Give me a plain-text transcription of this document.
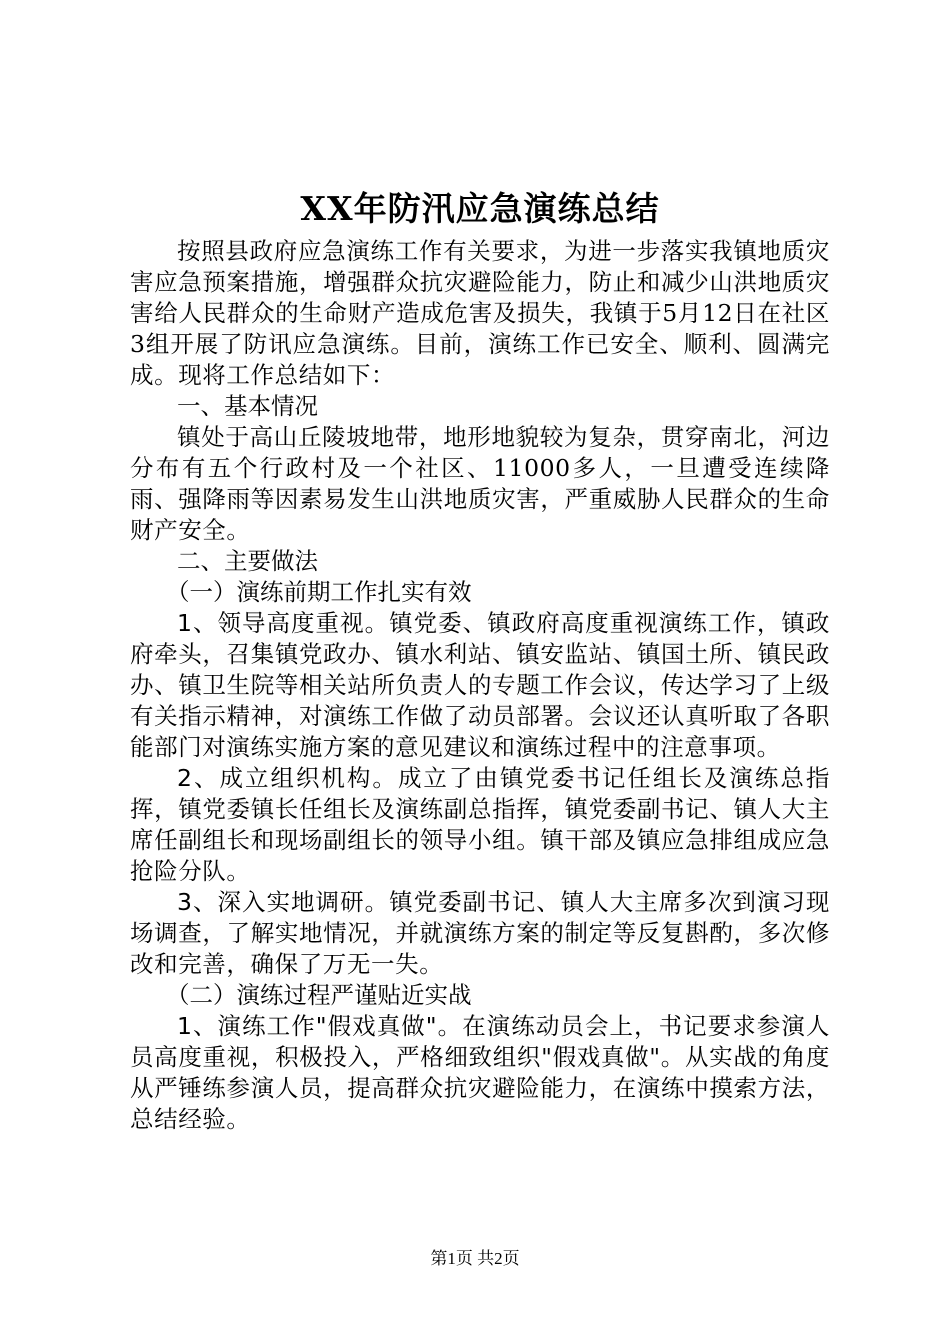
XX年防汛应急演练总结

按照县政府应急演练工作有关要求，为进一步落实我镇地质灾害应急预案措施，增强群众抗灾避险能力，防止和减少山洪地质灾害给人民群众的生命财产造成危害及损失，我镇于5月12日在社区3组开展了防讯应急演练。目前，演练工作已安全、顺利、圆满完成。现将工作总结如下：

一、基本情况

镇处于高山丘陵坡地带，地形地貌较为复杂，贯穿南北，河边分布有五个行政村及一个社区、11000多人，一旦遭受连续降雨、强降雨等因素易发生山洪地质灾害，严重威胁人民群众的生命财产安全。

二、主要做法

（一）演练前期工作扎实有效

1、领导高度重视。镇党委、镇政府高度重视演练工作，镇政府牵头，召集镇党政办、镇水利站、镇安监站、镇国土所、镇民政办、镇卫生院等相关站所负责人的专题工作会议，传达学习了上级有关指示精神，对演练工作做了动员部署。会议还认真听取了各职能部门对演练实施方案的意见建议和演练过程中的注意事项。

2、成立组织机构。成立了由镇党委书记任组长及演练总指挥，镇党委镇长任组长及演练副总指挥，镇党委副书记、镇人大主席任副组长和现场副组长的领导小组。镇干部及镇应急排组成应急抢险分队。

3、深入实地调研。镇党委副书记、镇人大主席多次到演习现场调查，了解实地情况，并就演练方案的制定等反复斟酌，多次修改和完善，确保了万无一失。

（二）演练过程严谨贴近实战

1、演练工作"假戏真做"。在演练动员会上，书记要求参演人员高度重视，积极投入，严格细致组织"假戏真做"。从实战的角度从严锤练参演人员，提高群众抗灾避险能力，在演练中摸索方法，总结经验。

第1页 共2页
